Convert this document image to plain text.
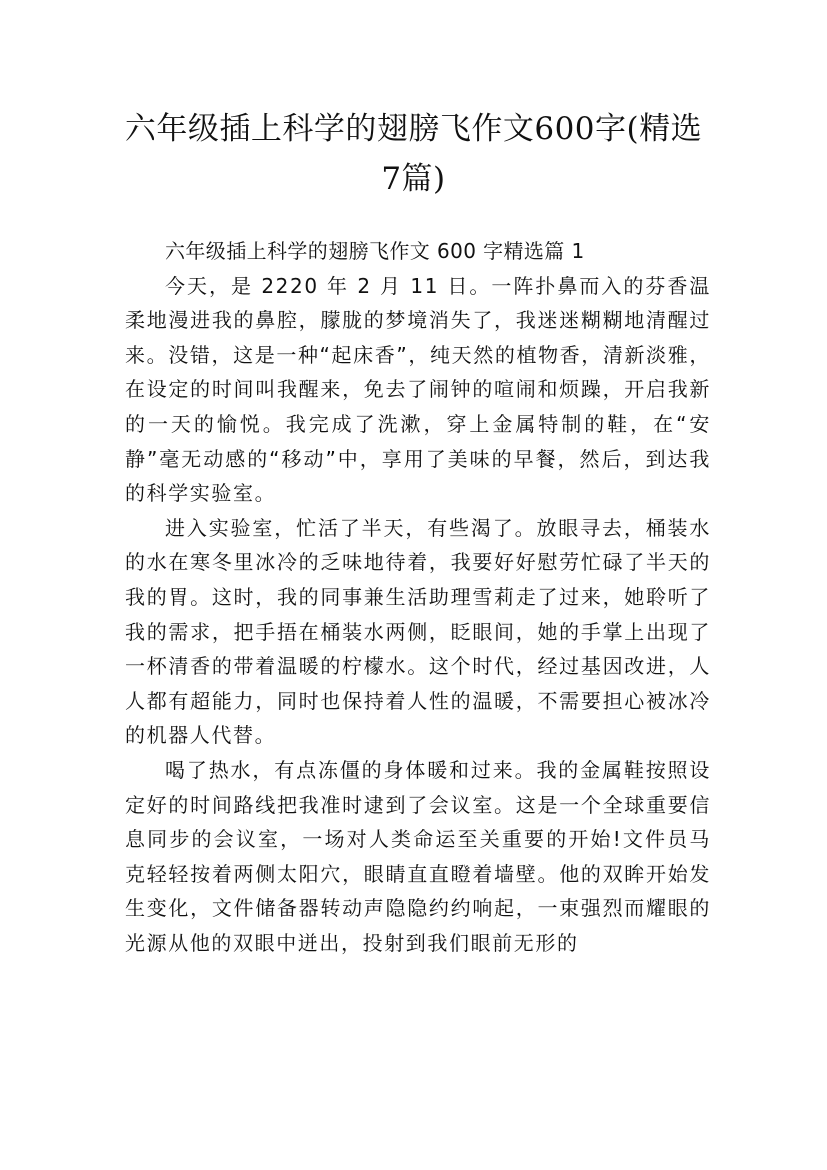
六年级插上科学的翅膀飞作文600字(精选
7篇)

六年级插上科学的翅膀飞作文 600 字精选篇 1

今天，是 2220 年 2 月 11 日。一阵扑鼻而入的芬香温柔地漫进我的鼻腔，朦胧的梦境消失了，我迷迷糊糊地清醒过来。没错，这是一种“起床香”，纯天然的植物香，清新淡雅，在设定的时间叫我醒来，免去了闹钟的喧闹和烦躁，开启我新的一天的愉悦。我完成了洗漱，穿上金属特制的鞋，在“安静”毫无动感的“移动”中，享用了美味的早餐，然后，到达我的科学实验室。

进入实验室，忙活了半天，有些渴了。放眼寻去，桶装水的水在寒冬里冰冷的乏味地待着，我要好好慰劳忙碌了半天的我的胃。这时，我的同事兼生活助理雪莉走了过来，她聆听了我的需求，把手捂在桶装水两侧，眨眼间，她的手掌上出现了一杯清香的带着温暖的柠檬水。这个时代，经过基因改进，人人都有超能力，同时也保持着人性的温暖，不需要担心被冰冷的机器人代替。

喝了热水，有点冻僵的身体暖和过来。我的金属鞋按照设定好的时间路线把我准时逮到了会议室。这是一个全球重要信息同步的会议室，一场对人类命运至关重要的开始!文件员马克轻轻按着两侧太阳穴，眼睛直直瞪着墙壁。他的双眸开始发生变化，文件储备器转动声隐隐约约响起，一束强烈而耀眼的光源从他的双眼中迸出，投射到我们眼前无形的
